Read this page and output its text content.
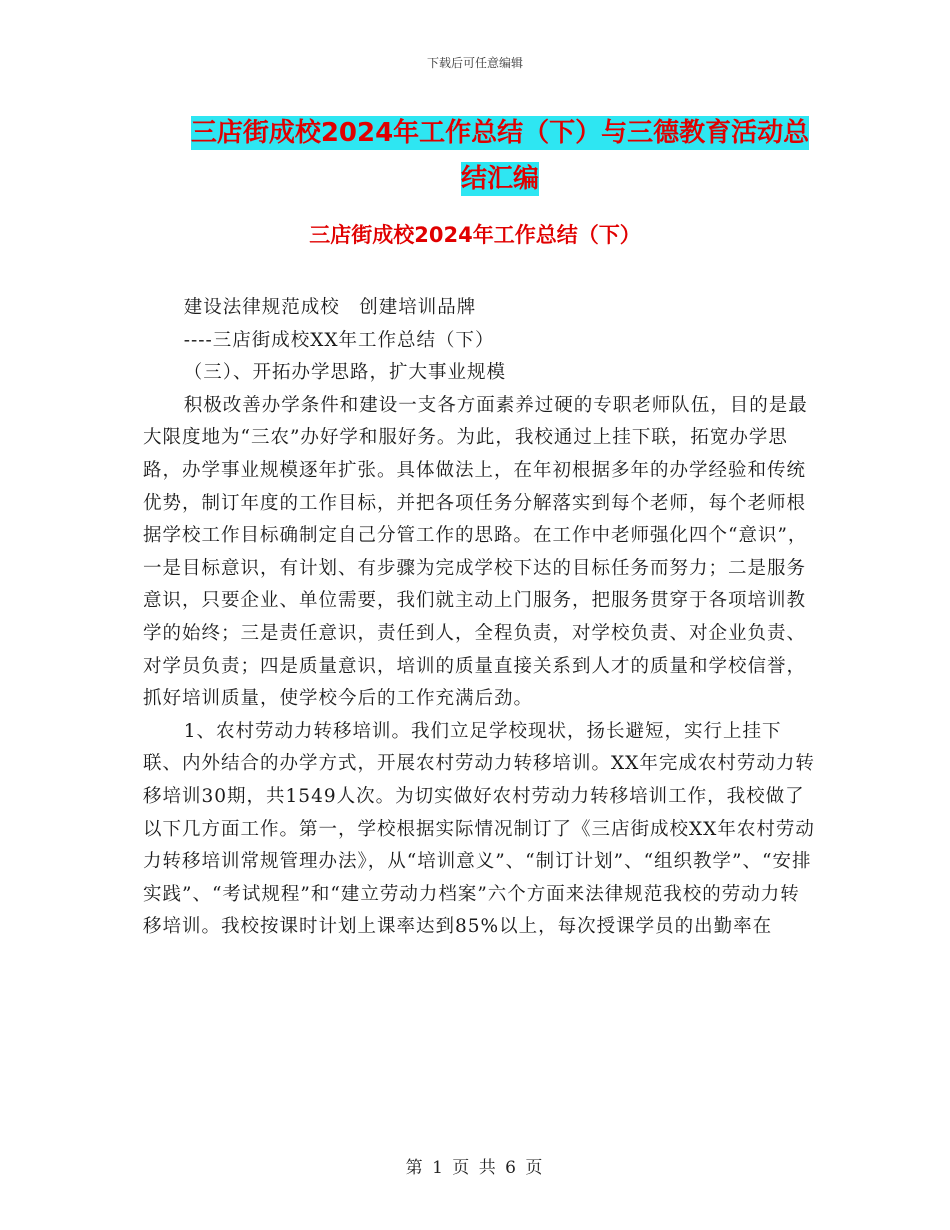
下载后可任意编辑
三店街成校2024年工作总结（下）与三德教育活动总
结汇编
三店街成校2024年工作总结（下）

建设法律规范成校　创建培训品牌

----三店街成校XX年工作总结（下）

（三）、开拓办学思路，扩大事业规模

积极改善办学条件和建设一支各方面素养过硬的专职老师队伍，目的是最大限度地为“三农”办好学和服好务。为此，我校通过上挂下联，拓宽办学思路，办学事业规模逐年扩张。具体做法上，在年初根据多年的办学经验和传统优势，制订年度的工作目标，并把各项任务分解落实到每个老师，每个老师根据学校工作目标确制定自己分管工作的思路。在工作中老师强化四个“意识”，一是目标意识，有计划、有步骤为完成学校下达的目标任务而努力；二是服务意识，只要企业、单位需要，我们就主动上门服务，把服务贯穿于各项培训教学的始终；三是责任意识，责任到人，全程负责，对学校负责、对企业负责、对学员负责；四是质量意识，培训的质量直接关系到人才的质量和学校信誉，抓好培训质量，使学校今后的工作充满后劲。

1、农村劳动力转移培训。我们立足学校现状，扬长避短，实行上挂下联、内外结合的办学方式，开展农村劳动力转移培训。XX年完成农村劳动力转移培训30期，共1549人次。为切实做好农村劳动力转移培训工作，我校做了以下几方面工作。第一，学校根据实际情况制订了《三店街成校XX年农村劳动力转移培训常规管理办法》，从“培训意义”、“制订计划”、“组织教学”、“安排实践”、“考试规程”和“建立劳动力档案”六个方面来法律规范我校的劳动力转移培训。我校按课时计划上课率达到85%以上，每次授课学员的出勤率在

第 1 页 共 6 页
